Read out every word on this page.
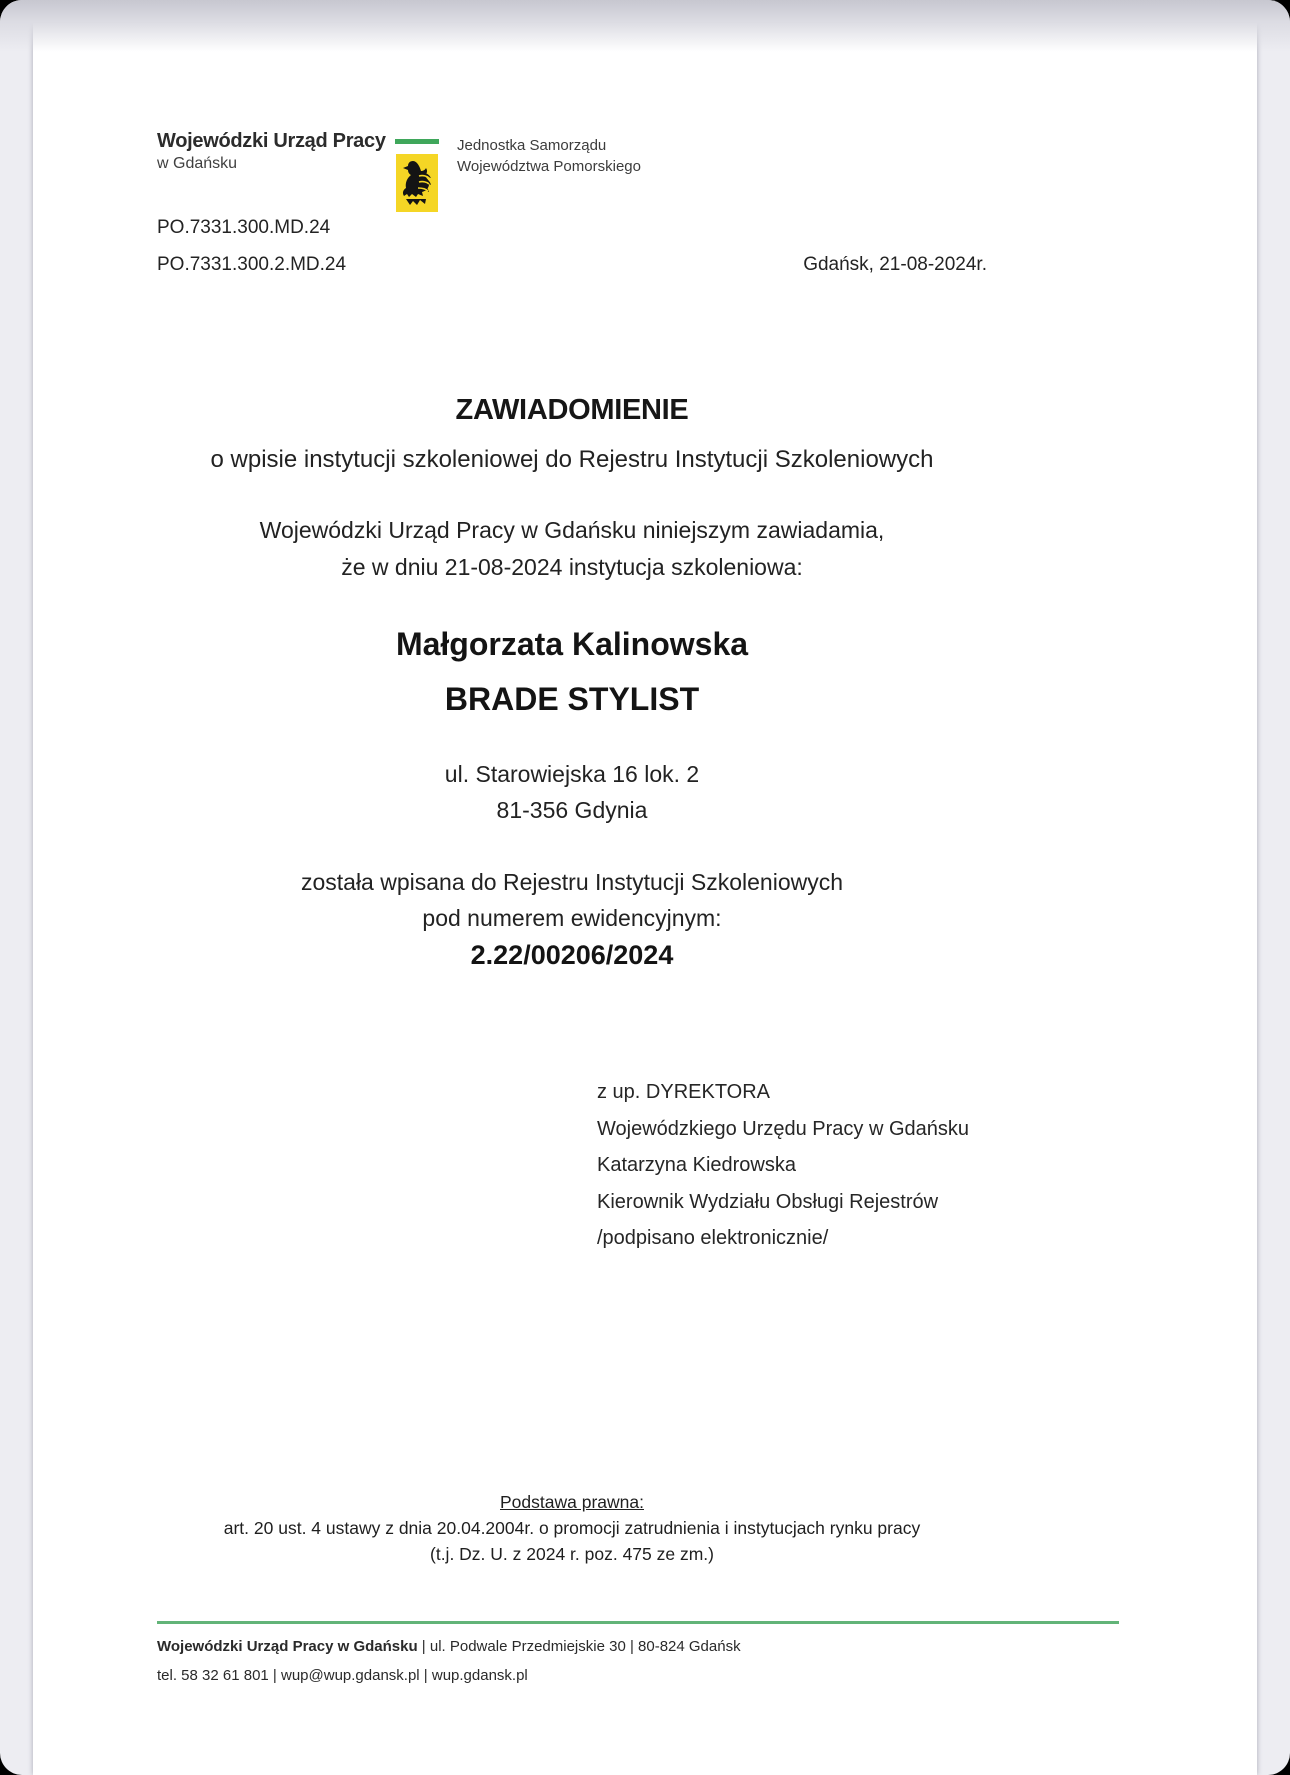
Wojewódzki Urząd Pracy
w Gdańsku
Jednostka Samorządu
Województwa Pomorskiego
PO.7331.300.MD.24
PO.7331.300.2.MD.24	Gdańsk, 21-08-2024r.
ZAWIADOMIENIE
o wpisie instytucji szkoleniowej do Rejestru Instytucji Szkoleniowych
Wojewódzki Urząd Pracy w Gdańsku niniejszym zawiadamia,
że w dniu 21-08-2024 instytucja szkoleniowa:
Małgorzata Kalinowska
BRADE STYLIST
ul. Starowiejska 16 lok. 2
81-356 Gdynia
została wpisana do Rejestru Instytucji Szkoleniowych
pod numerem ewidencyjnym:
2.22/00206/2024
z up. DYREKTORA
Wojewódzkiego Urzędu Pracy w Gdańsku
Katarzyna Kiedrowska
Kierownik Wydziału Obsługi Rejestrów
/podpisano elektronicznie/
Podstawa prawna:
art. 20 ust. 4 ustawy z dnia 20.04.2004r. o promocji zatrudnienia i instytucjach rynku pracy
(t.j. Dz. U. z 2024 r. poz. 475 ze zm.)
Wojewódzki Urząd Pracy w Gdańsku | ul. Podwale Przedmiejskie 30 | 80-824 Gdańsk
tel. 58 32 61 801 | wup@wup.gdansk.pl | wup.gdansk.pl
